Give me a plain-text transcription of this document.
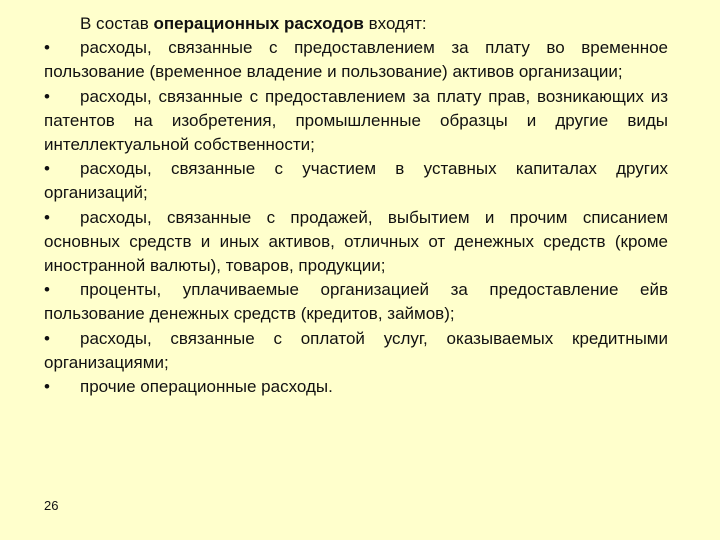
В состав операционных расходов входят:

• расходы, связанные с предоставлением за плату во временное пользование (временное владение и пользование) активов организации;

• расходы, связанные с предоставлением за плату прав, возникающих из патентов на изобретения, промышленные образцы и другие виды интеллектуальной собственности;

• расходы, связанные с участием в уставных капиталах других организаций;

• расходы, связанные с продажей, выбытием и прочим списанием основных средств и иных активов, отличных от денежных средств (кроме иностранной валюты), товаров, продукции;

• проценты, уплачиваемые организацией за предоставление ейв пользование денежных средств (кредитов, займов);

• расходы, связанные с оплатой услуг, оказываемых кредитными организациями;

• прочие операционные расходы.

26
